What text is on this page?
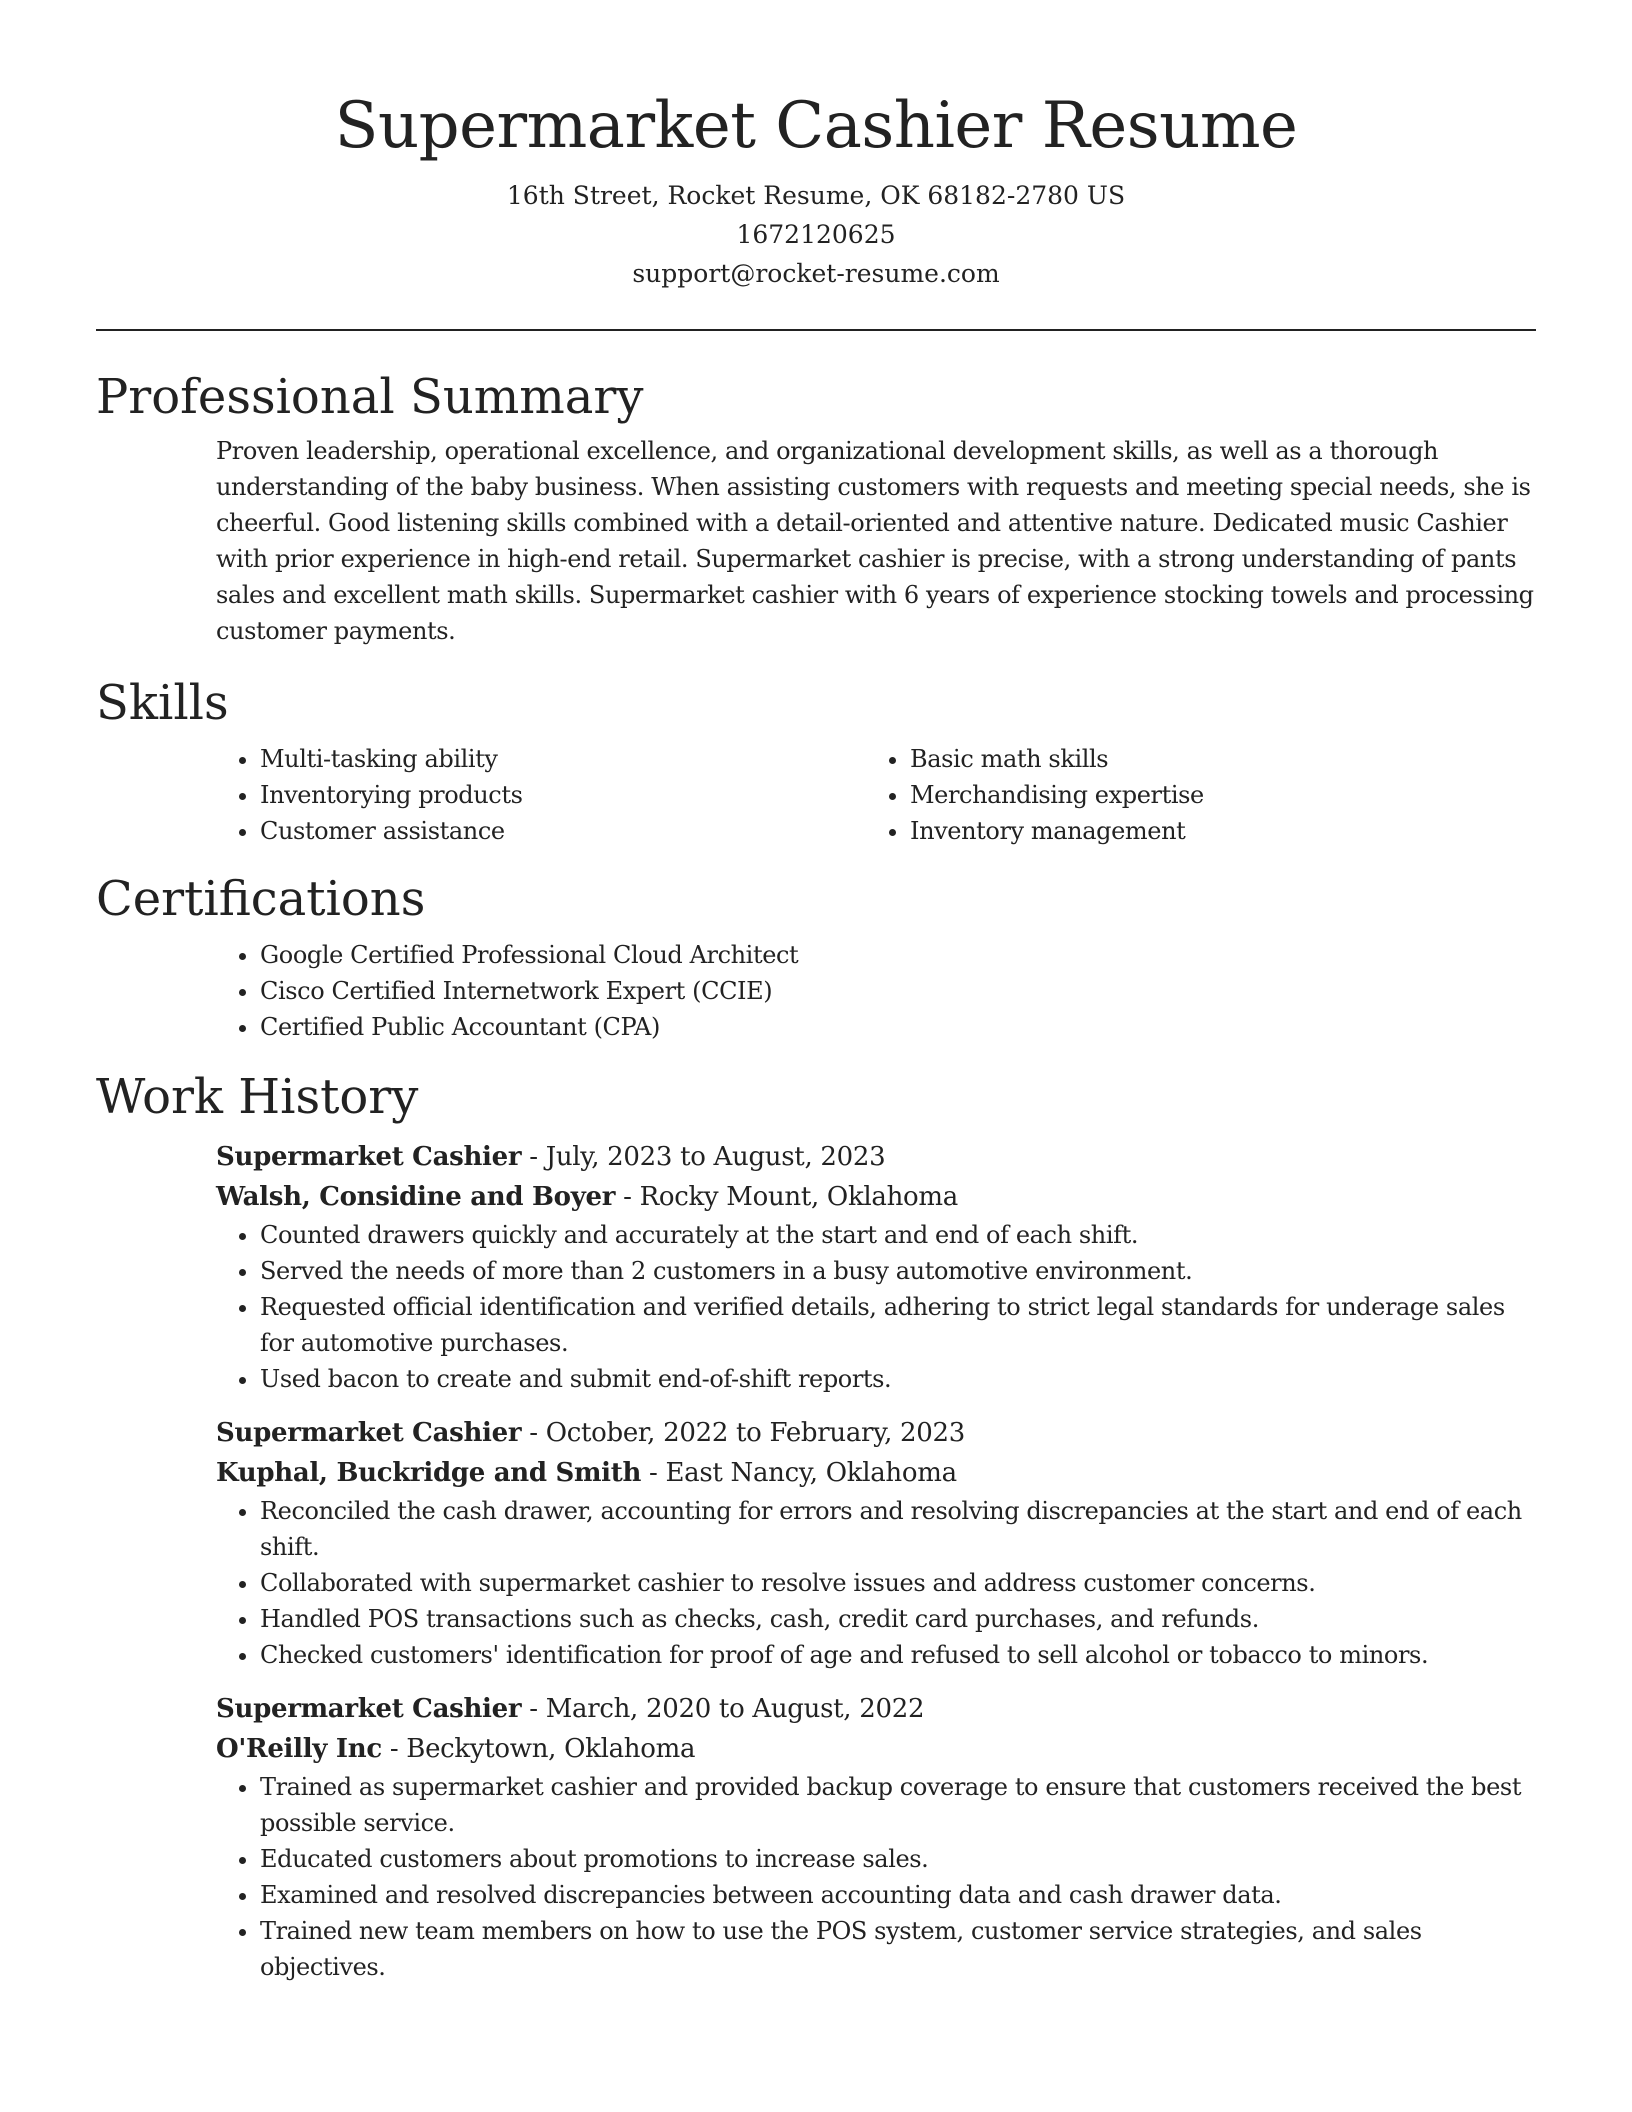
Supermarket Cashier Resume
16th Street, Rocket Resume, OK 68182-2780 US
1672120625
support@rocket-resume.com
Professional Summary

Proven leadership, operational excellence, and organizational development skills, as well as a thorough understanding of the baby business. When assisting customers with requests and meeting special needs, she is cheerful. Good listening skills combined with a detail-oriented and attentive nature. Dedicated music Cashier with prior experience in high-end retail. Supermarket cashier is precise, with a strong understanding of pants sales and excellent math skills. Supermarket cashier with 6 years of experience stocking towels and processing customer payments.

Skills
• Multi-tasking ability
• Inventorying products
• Customer assistance
• Basic math skills
• Merchandising expertise
• Inventory management
Certifications
• Google Certified Professional Cloud Architect
• Cisco Certified Internetwork Expert (CCIE)
• Certified Public Accountant (CPA)
Work History
Supermarket Cashier - July, 2023 to August, 2023
Walsh, Considine and Boyer - Rocky Mount, Oklahoma
• Counted drawers quickly and accurately at the start and end of each shift.
• Served the needs of more than 2 customers in a busy automotive environment.
• Requested official identification and verified details, adhering to strict legal standards for underage sales for automotive purchases.
• Used bacon to create and submit end-of-shift reports.
Supermarket Cashier - October, 2022 to February, 2023
Kuphal, Buckridge and Smith - East Nancy, Oklahoma
• Reconciled the cash drawer, accounting for errors and resolving discrepancies at the start and end of each shift.
• Collaborated with supermarket cashier to resolve issues and address customer concerns.
• Handled POS transactions such as checks, cash, credit card purchases, and refunds.
• Checked customers' identification for proof of age and refused to sell alcohol or tobacco to minors.
Supermarket Cashier - March, 2020 to August, 2022
O'Reilly Inc - Beckytown, Oklahoma
• Trained as supermarket cashier and provided backup coverage to ensure that customers received the best possible service.
• Educated customers about promotions to increase sales.
• Examined and resolved discrepancies between accounting data and cash drawer data.
• Trained new team members on how to use the POS system, customer service strategies, and sales objectives.
